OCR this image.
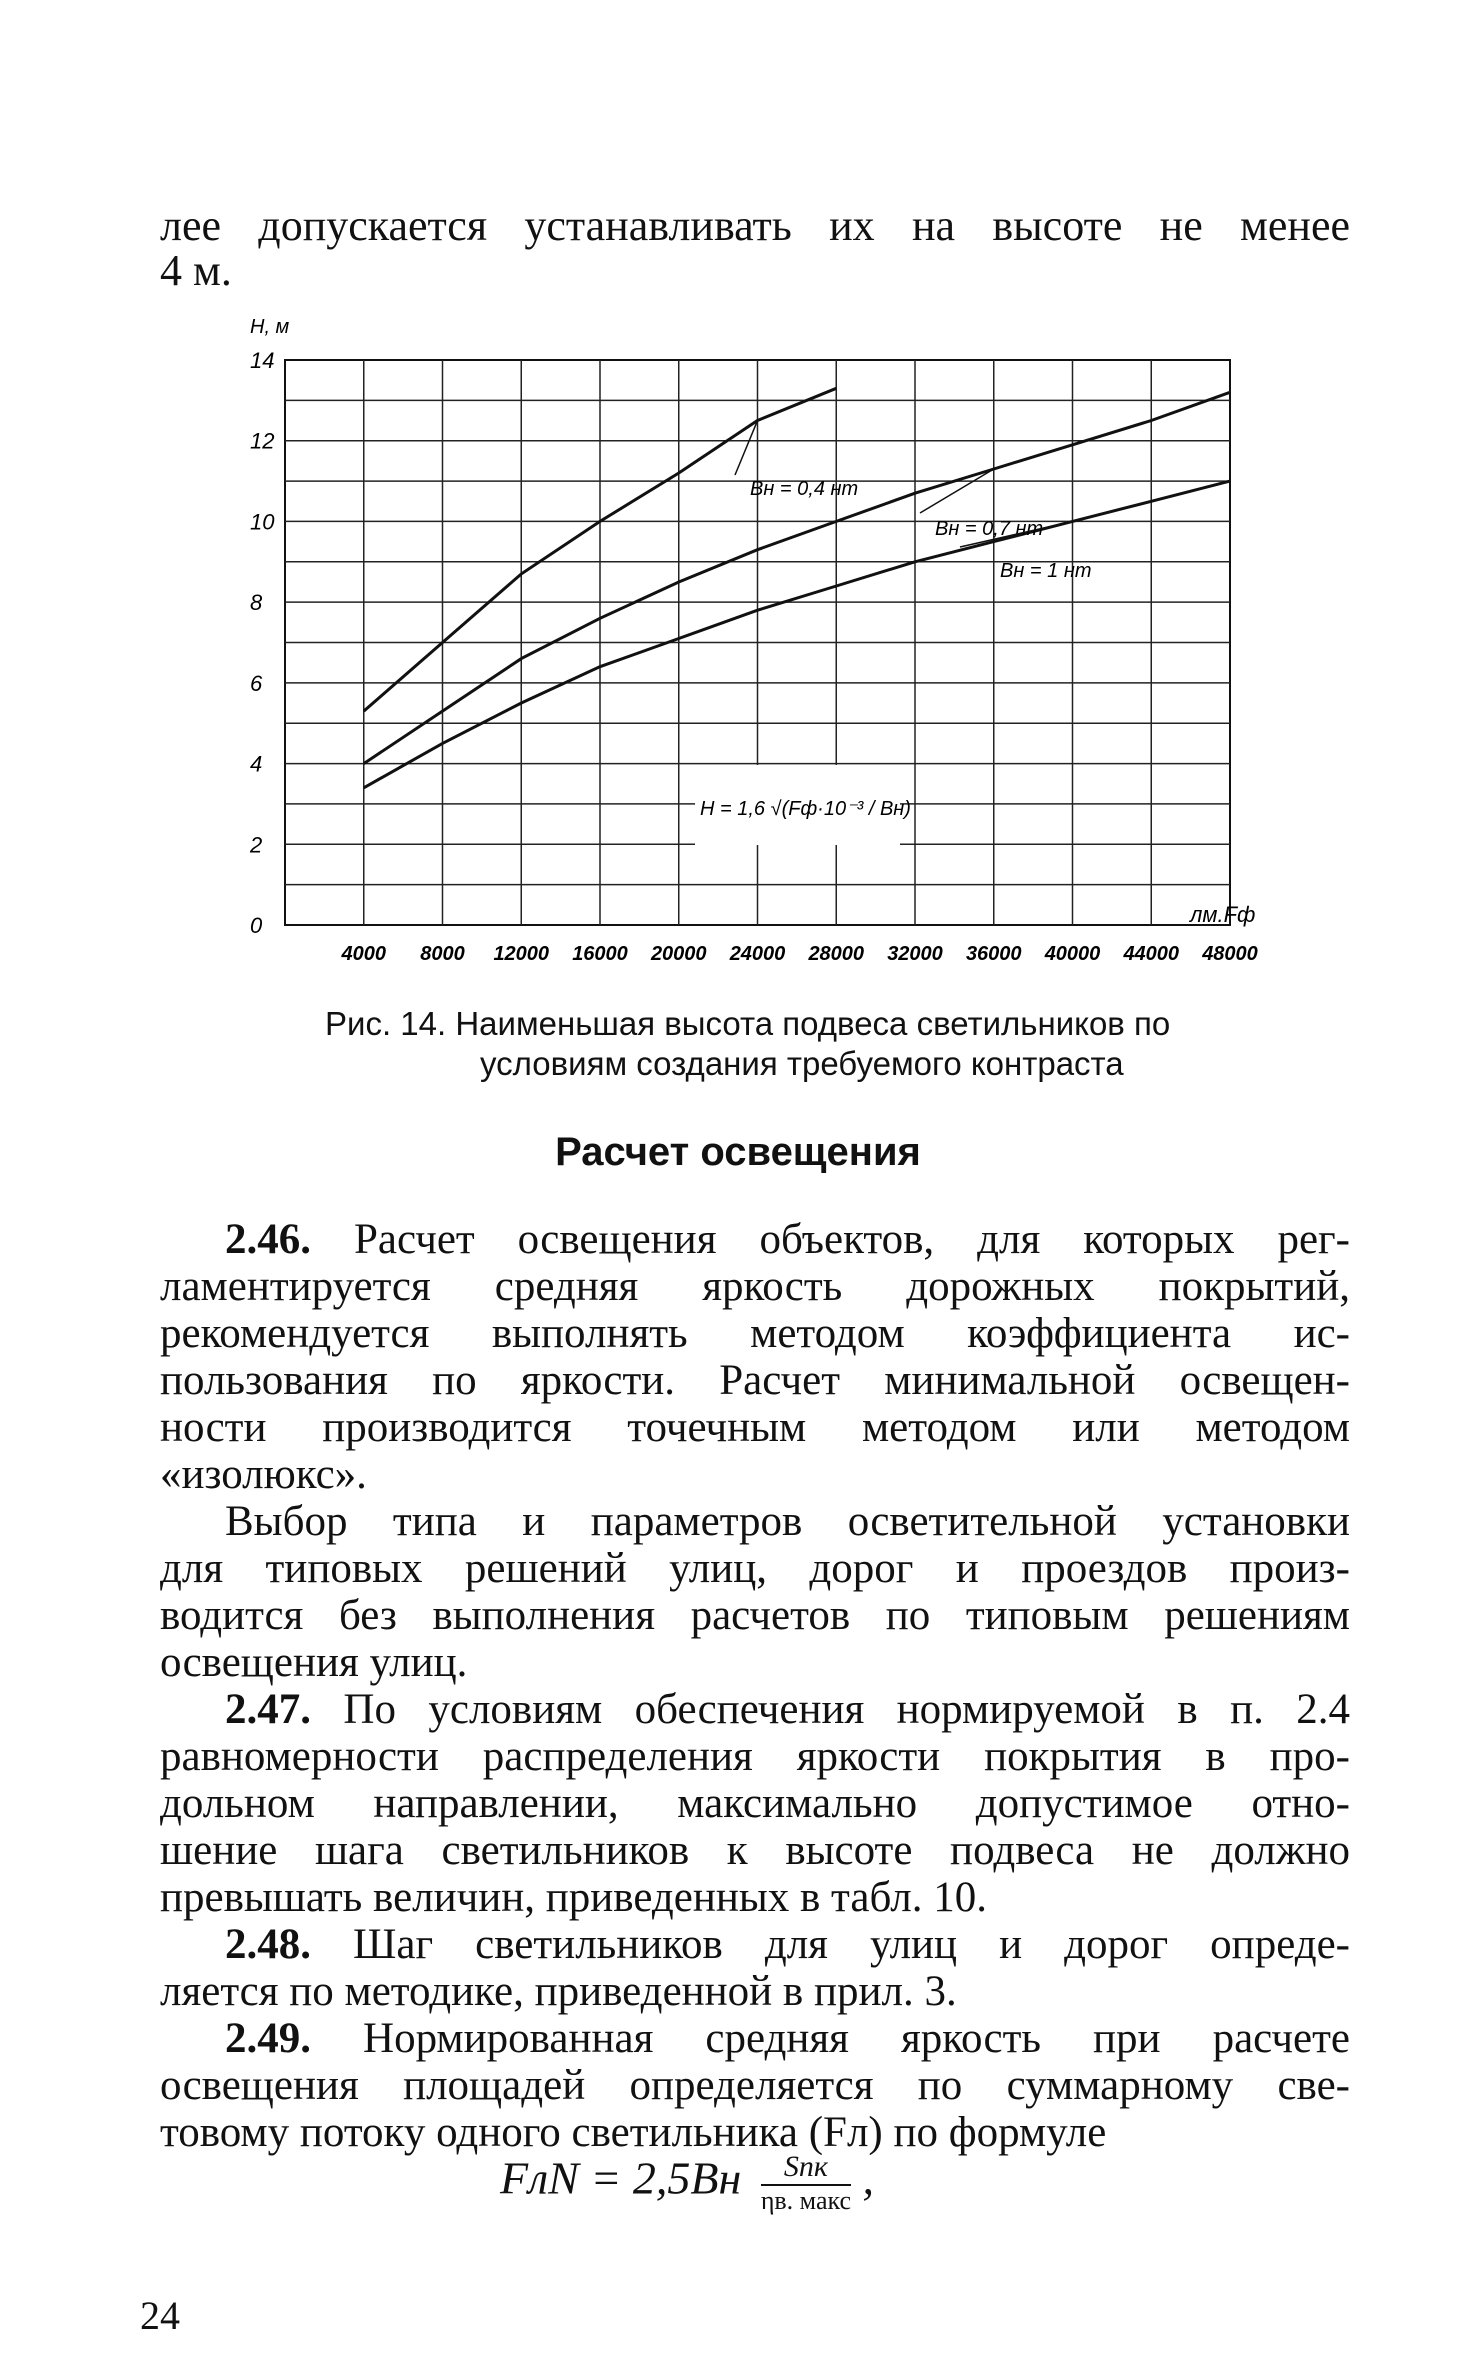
лее допускается устанавливать их на высоте не менее
4 м.
0
2
4
6
8
10
12
14
4000 8000 12000 16000 20000 24000 28000 32000 36000 40000 44000 48000
Вн = 0,4 нт
Вн = 0,7 нт
Вн = 1 нт
Н, м
лм.Fф
Н = 1,6 √(Fф·10⁻³ / Вн)
Рис. 14. Наименьшая высота подвеса светильников по
условиям создания требуемого контраста
Расчет освещения
2.46. Расчет освещения объектов, для которых рег-
ламентируется средняя яркость дорожных покрытий,
рекомендуется выполнять методом коэффициента ис-
пользования по яркости. Расчет минимальной освещен-
ности производится точечным методом или методом
«изолюкс».
Выбор типа и параметров осветительной установки
для типовых решений улиц, дорог и проездов произ-
водится без выполнения расчетов по типовым решениям
освещения улиц.
2.47. По условиям обеспечения нормируемой в п. 2.4
равномерности распределения яркости покрытия в про-
дольном направлении, максимально допустимое отно-
шение шага светильников к высоте подвеса не должно
превышать величин, приведенных в табл. 10.
2.48. Шаг светильников для улиц и дорог опреде-
ляется по методике, приведенной в прил. 3.
2.49. Нормированная средняя яркость при расчете
освещения площадей определяется по суммарному све-
товому потоку одного светильника (Fл) по формуле
FлN = 2,5Bн	Sпк
ηв. макс ,
24
